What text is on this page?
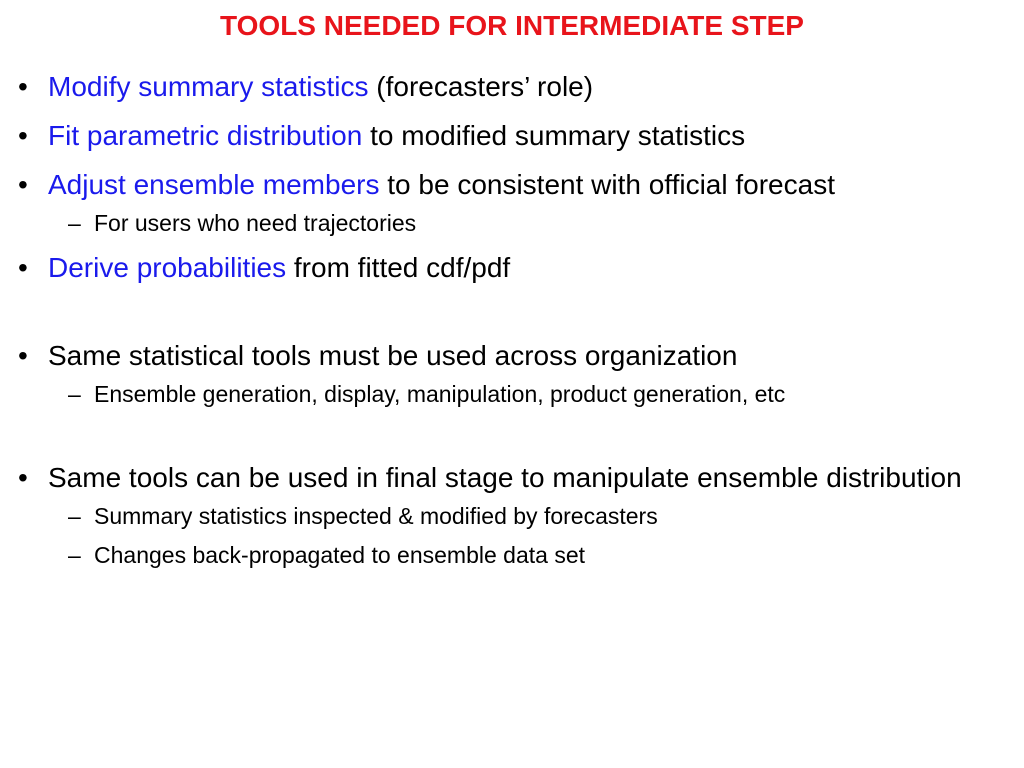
TOOLS NEEDED FOR INTERMEDIATE STEP
• Modify summary statistics (forecasters’ role)
• Fit parametric distribution to modified summary statistics
• Adjust ensemble members to be consistent with official forecast
– For users who need trajectories
• Derive probabilities from fitted cdf/pdf
• Same statistical tools must be used across organization
– Ensemble generation, display, manipulation, product generation, etc
• Same tools can be used in final stage to manipulate ensemble distribution
– Summary statistics inspected & modified by forecasters
– Changes back-propagated to ensemble data set
